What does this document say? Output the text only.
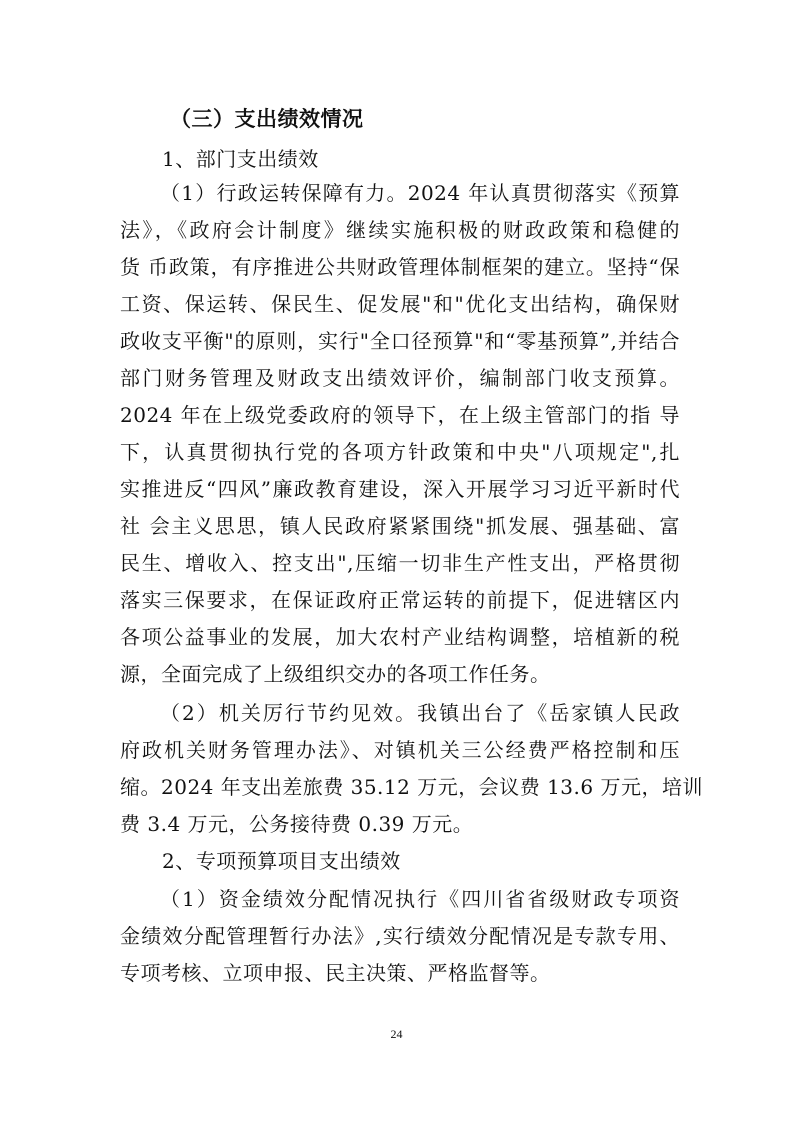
（三）支出绩效情况
1、部门支出绩效
（1）行政运转保障有力。2024 年认真贯彻落实《预算
法》，《政府会计制度》继续实施积极的财政政策和稳健的
货 币政策，有序推进公共财政管理体制框架的建立。坚持“保
工资、保运转、保民生、促发展"和"优化支出结构，确保财
政收支平衡"的原则，实行"全口径预算"和“零基预算”,并结合
部门财务管理及财政支出绩效评价，编制部门收支预算。
2024 年在上级党委政府的领导下，在上级主管部门的指 导
下，认真贯彻执行党的各项方针政策和中央"八项规定",扎
实推进反“四风”廉政教育建设，深入开展学习习近平新时代
社 会主义思思，镇人民政府紧紧围绕"抓发展、强基础、富
民生、增收入、控支出",压缩一切非生产性支出，严格贯彻
落实三保要求，在保证政府正常运转的前提下，促进辖区内
各项公益事业的发展，加大农村产业结构调整，培植新的税
源，全面完成了上级组织交办的各项工作任务。
（2）机关厉行节约见效。我镇出台了《岳家镇人民政
府政机关财务管理办法》、对镇机关三公经费严格控制和压
缩。2024 年支出差旅费 35.12 万元，会议费 13.6 万元，培训
费 3.4 万元，公务接待费 0.39 万元。
2、专项预算项目支出绩效
（1）资金绩效分配情况执行《四川省省级财政专项资
金绩效分配管理暂行办法》,实行绩效分配情况是专款专用、
专项考核、立项申报、民主决策、严格监督等。
24
